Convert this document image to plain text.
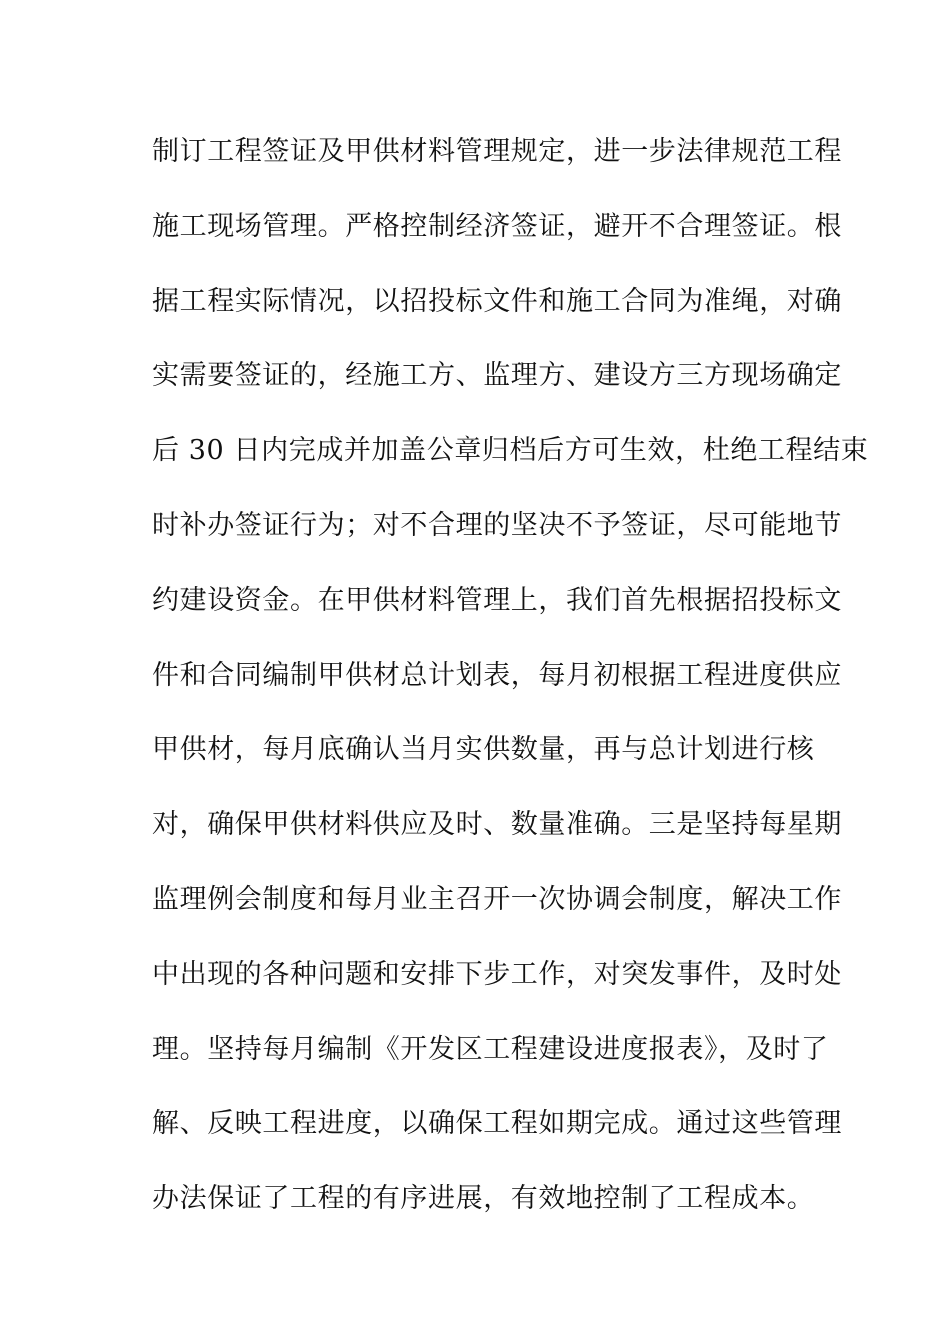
制订工程签证及甲供材料管理规定，进一步法律规范工程
施工现场管理。严格控制经济签证，避开不合理签证。根
据工程实际情况，以招投标文件和施工合同为准绳，对确
实需要签证的，经施工方、监理方、建设方三方现场确定
后 30 日内完成并加盖公章归档后方可生效，杜绝工程结束
时补办签证行为；对不合理的坚决不予签证，尽可能地节
约建设资金。在甲供材料管理上，我们首先根据招投标文
件和合同编制甲供材总计划表，每月初根据工程进度供应
甲供材，每月底确认当月实供数量，再与总计划进行核
对，确保甲供材料供应及时、数量准确。三是坚持每星期
监理例会制度和每月业主召开一次协调会制度，解决工作
中出现的各种问题和安排下步工作，对突发事件，及时处
理。坚持每月编制《开发区工程建设进度报表》，及时了
解、反映工程进度，以确保工程如期完成。通过这些管理
办法保证了工程的有序进展，有效地控制了工程成本。
